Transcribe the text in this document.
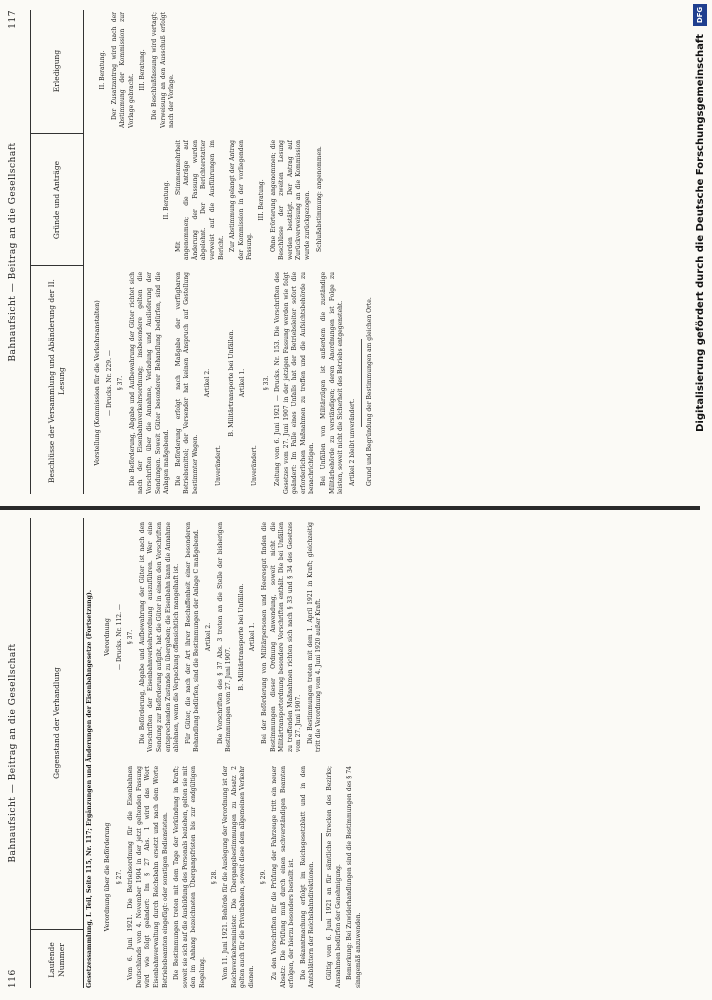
116
Bahnaufsicht — Beitrag an die Gesellschaft
Laufende Nummer
Gegenstand der Verhandlung	Gesetzessammlung, I. Teil, Seite 115, Nr. 117; Ergänzungen und Änderungen der Eisenbahngesetze (Fortsetzung). Verordnung über die Beförderung § 27. Vom 6. Juni 1921. Die Betriebsordnung für die Eisenbahnen Deutschlands vom 4. November 1904 in der jetzt geltenden Fassung wird wie folgt geändert: Im § 27 Abs. 1 wird das Wort Eisenbahnverwaltung durch Reichsbahn ersetzt und nach dem Worte Betriebsbeamten eingefügt: oder sonstigen Bediensteten. Die Bestimmungen treten mit dem Tage der Verkündung in Kraft; soweit sie sich auf die Ausbildung des Personals beziehen, gelten sie mit den im Anhang bezeichneten Übergangsfristen bis zur endgültigen Regelung.

§ 28. Vom 11. Juni 1921. Behörde für die Auslegung der Verordnung ist der Reichsverkehrsminister. Die Übergangsbestimmungen zu Absatz 2 gelten auch für die Privatbahnen, soweit diese dem allgemeinen Verkehr dienen.

§ 29. Zu den Vorschriften für die Prüfung der Fahrzeuge tritt ein neuer Absatz: Die Prüfung muß durch einen sachverständigen Beamten erfolgen, der hierzu besonders bestellt ist. Die Bekanntmachung erfolgt im Reichsgesetzblatt und in den Amtsblättern der Reichsbahndirektionen. Gültig vom 6. Juni 1921 an für sämtliche Strecken des Bezirks; Ausnahmen bedürfen der Genehmigung. Bemerkung: Bei Zuwiderhandlungen sind die Bestimmungen des § 74 sinngemäß anzuwenden.

Verordnung — Drucks. Nr. 112. — § 37. Die Beförderung, Abgabe und Aufbewahrung der Güter ist nach den Vorschriften der Eisenbahnverkehrsordnung auszuführen. Wer eine Sendung zur Beförderung aufgibt, hat die Güter in einem den Vorschriften entsprechenden Zustande zu übergeben; die Eisenbahn kann die Annahme ablehnen, wenn die Verpackung offensichtlich mangelhaft ist. Für Güter, die nach der Art ihrer Beschaffenheit einer besonderen Behandlung bedürfen, sind die Bestimmungen der Anlage C maßgebend. Artikel 2. Die Vorschriften des § 37 Abs. 3 treten an die Stelle der bisherigen Bestimmungen vom 27. Juni 1907.

B. Militärtransporte bei Unfällen. Artikel 1. Bei der Beförderung von Militärpersonen und Heeresgut finden die Bestimmungen dieser Ordnung Anwendung, soweit nicht die Militärtransportordnung besondere Vorschriften enthält. Die bei Unfällen zu treffenden Maßnahmen richten sich nach § 33 und § 34 des Gesetzes vom 27. Juni 1907. Die Bestimmungen treten mit dem 1. April 1921 in Kraft; gleichzeitig tritt die Verordnung vom 4. Juni 1920 außer Kraft.

Bahnaufsicht — Beitrag an die Gesellschaft
117
Beschlüsse der Versammlung und Abänderung der II. Lesung
Gründe und Anträge
Erledigung

Vorstellung (Kommission für die Verkehrsanstalten) — Drucks. Nr. 229. — § 37. Die Beförderung, Abgabe und Aufbewahrung der Güter richtet sich nach der Eisenbahnverkehrsordnung; insbesondere gelten die Vorschriften über die Annahme, Verladung und Auslieferung der Sendungen. Soweit Güter besonderer Behandlung bedürfen, sind die Anlagen maßgebend. Die Beförderung erfolgt nach Maßgabe der verfügbaren Betriebsmittel; der Versender hat keinen Anspruch auf Gestellung bestimmter Wagen.

Artikel 2.

Unverändert.

B. Militärtransporte bei Unfällen. Artikel 1.

Unverändert.

§ 33. Zeitung vom 6. Juni 1921 — Drucks. Nr. 153. Die Vorschriften des Gesetzes vom 27. Juni 1907 in der jetzigen Fassung werden wie folgt geändert: Im Falle eines Unfalls hat der Betriebsleiter sofort die erforderlichen Maßnahmen zu treffen und die Aufsichtsbehörde zu benachrichtigen. Bei Unfällen von Militärzügen ist außerdem die zuständige Militärbehörde zu verständigen; deren Anordnungen ist Folge zu leisten, soweit nicht die Sicherheit des Betriebs entgegensteht. Artikel 2 bleibt unverändert. Grund und Begründung der Bestimmungen am gleichen Orte.

II. Beratung. Mit Stimmenmehrheit angenommen; die Anträge auf Änderung der Fassung wurden abgelehnt. Der Berichterstatter verweist auf die Ausführungen im Bericht. Zur Abstimmung gelangt der Antrag der Kommission in der vorliegenden Fassung.

III. Beratung. Ohne Erörterung angenommen; die Beschlüsse der zweiten Lesung werden bestätigt. Der Antrag auf Zurückverweisung an die Kommission wurde zurückgezogen. Schlußabstimmung: angenommen.

II. Beratung. Der Zusatzantrag wird nach der Abstimmung der Kommission zur Vorlage gebracht.

III. Beratung. Die Beschlußfassung wird vertagt; Verweisung an den Ausschuß erfolgt nach der Vorlage.	Digitalisierung gefördert durch die Deutsche Forschungsgemeinschaft
DFG
